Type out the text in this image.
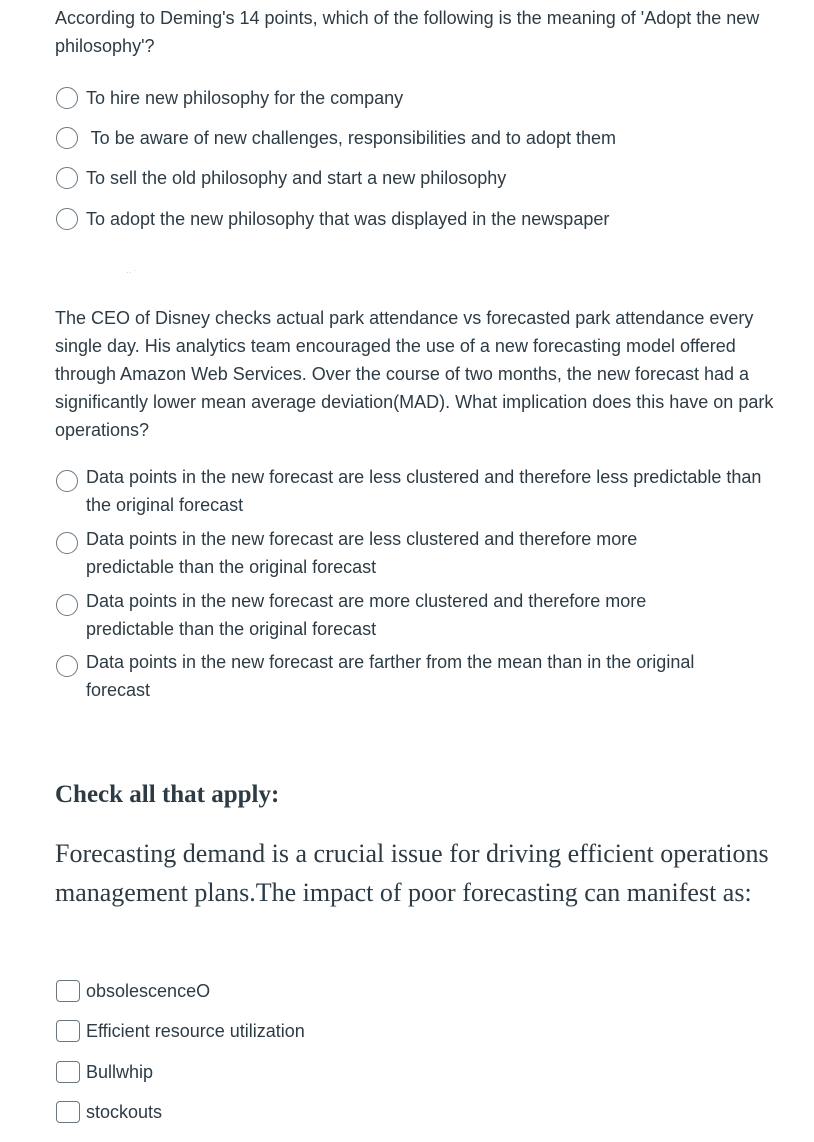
According to Deming's 14 points, which of the following is the meaning of 'Adopt the new philosophy'?
To hire new philosophy for the company
To be aware of new challenges, responsibilities and to adopt them
To sell the old philosophy and start a new philosophy
To adopt the new philosophy that was displayed in the newspaper
‥ ·
The CEO of Disney checks actual park attendance vs forecasted park attendance every single day. His analytics team encouraged the use of a new forecasting model offered through Amazon Web Services. Over the course of two months, the new forecast had a significantly lower mean average deviation(MAD). What implication does this have on park operations?
Data points in the new forecast are less clustered and therefore less predictable than the original forecast
Data points in the new forecast are less clustered and therefore more predictable than the original forecast
Data points in the new forecast are more clustered and therefore more predictable than the original forecast
Data points in the new forecast are farther from the mean than in the original forecast
Check all that apply:
Forecasting demand is a crucial issue for driving efficient operations management plans.The impact of poor forecasting can manifest as:
obsolescenceO
Efficient resource utilization
Bullwhip
stockouts
